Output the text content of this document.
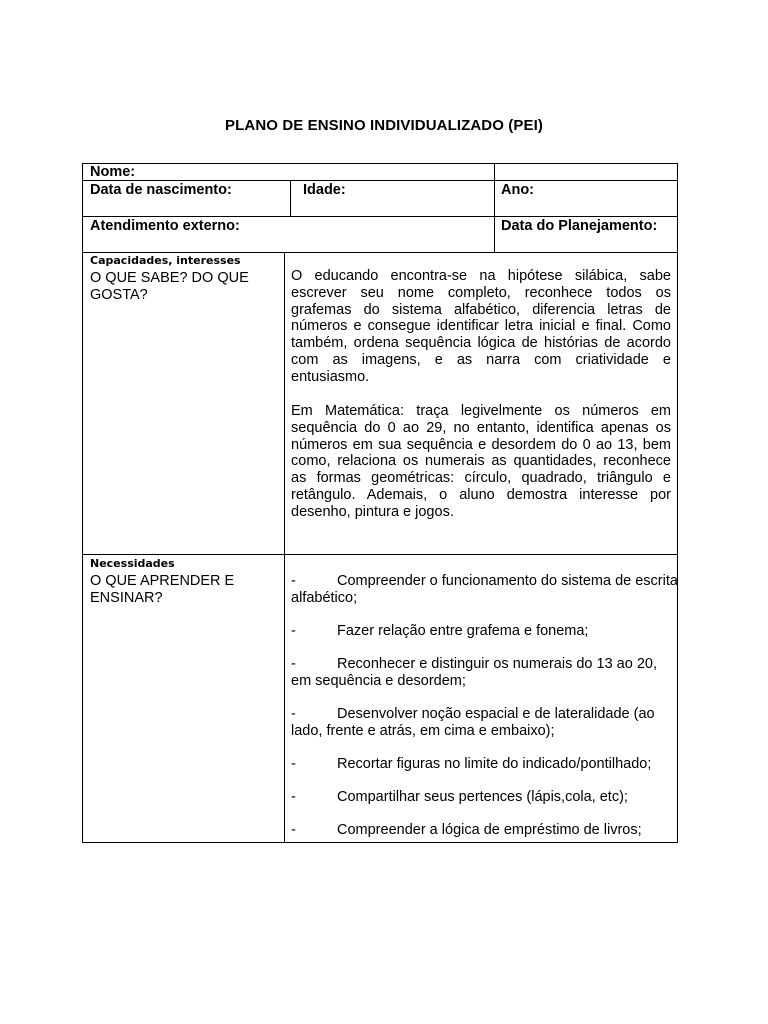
PLANO DE ENSINO INDIVIDUALIZADO (PEI)
Nome:
Data de nascimento:	Idade:	Ano:
Atendimento externo:	Data do Planejamento:
Capacidades, interesses
O QUE SABE? DO QUE GOSTA?
O educando encontra-se na hipótese silábica, sabe escrever seu nome completo, reconhece todos os grafemas do sistema alfabético, diferencia letras de números e consegue identificar letra inicial e final. Como também, ordena sequência lógica de histórias de acordo com as imagens, e as narra com criatividade e entusiasmo.
Em Matemática: traça legivelmente os números em sequência do 0 ao 29, no entanto, identifica apenas os números em sua sequência e desordem do 0 ao 13, bem como, relaciona os numerais as quantidades, reconhece as formas geométricas: círculo, quadrado, triângulo e retângulo. Ademais, o aluno demostra interesse por desenho, pintura e jogos.
Necessidades
O QUE APRENDER E ENSINAR?
-	Compreender o funcionamento do sistema de escrita alfabético;
-	Fazer relação entre grafema e fonema;
-	Reconhecer e distinguir os numerais do 13 ao 20, em sequência e desordem;
-	Desenvolver noção espacial e de lateralidade (ao lado, frente e atrás, em cima e embaixo);
-	Recortar figuras no limite do indicado/pontilhado;
-	Compartilhar seus pertences (lápis,cola, etc);
-	Compreender a lógica de empréstimo de livros;
